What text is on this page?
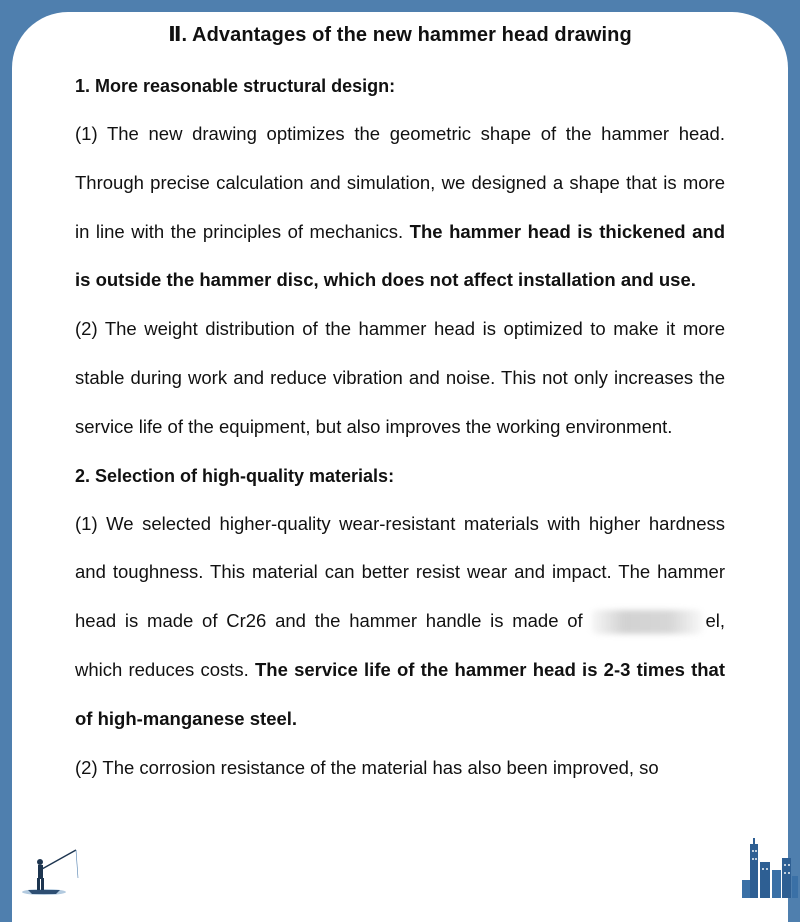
Ⅱ. Advantages of the new hammer head drawing

1. More reasonable structural design:

(1) The new drawing optimizes the geometric shape of the hammer head. Through precise calculation and simulation, we designed a shape that is more in line with the principles of mechanics. The hammer head is thickened and is outside the hammer disc, which does not affect installation and use.

(2) The weight distribution of the hammer head is optimized to make it more stable during work and reduce vibration and noise. This not only increases the service life of the equipment, but also improves the working environment.

2. Selection of high-quality materials:

(1) We selected higher-quality wear-resistant materials with higher hardness and toughness. This material can better resist wear and impact. The hammer head is made of Cr26 and the hammer handle is made of	el, which reduces costs. The service life of the hammer head is 2-3 times that of high-manganese steel.

(2) The corrosion resistance of the material has also been improved, so
